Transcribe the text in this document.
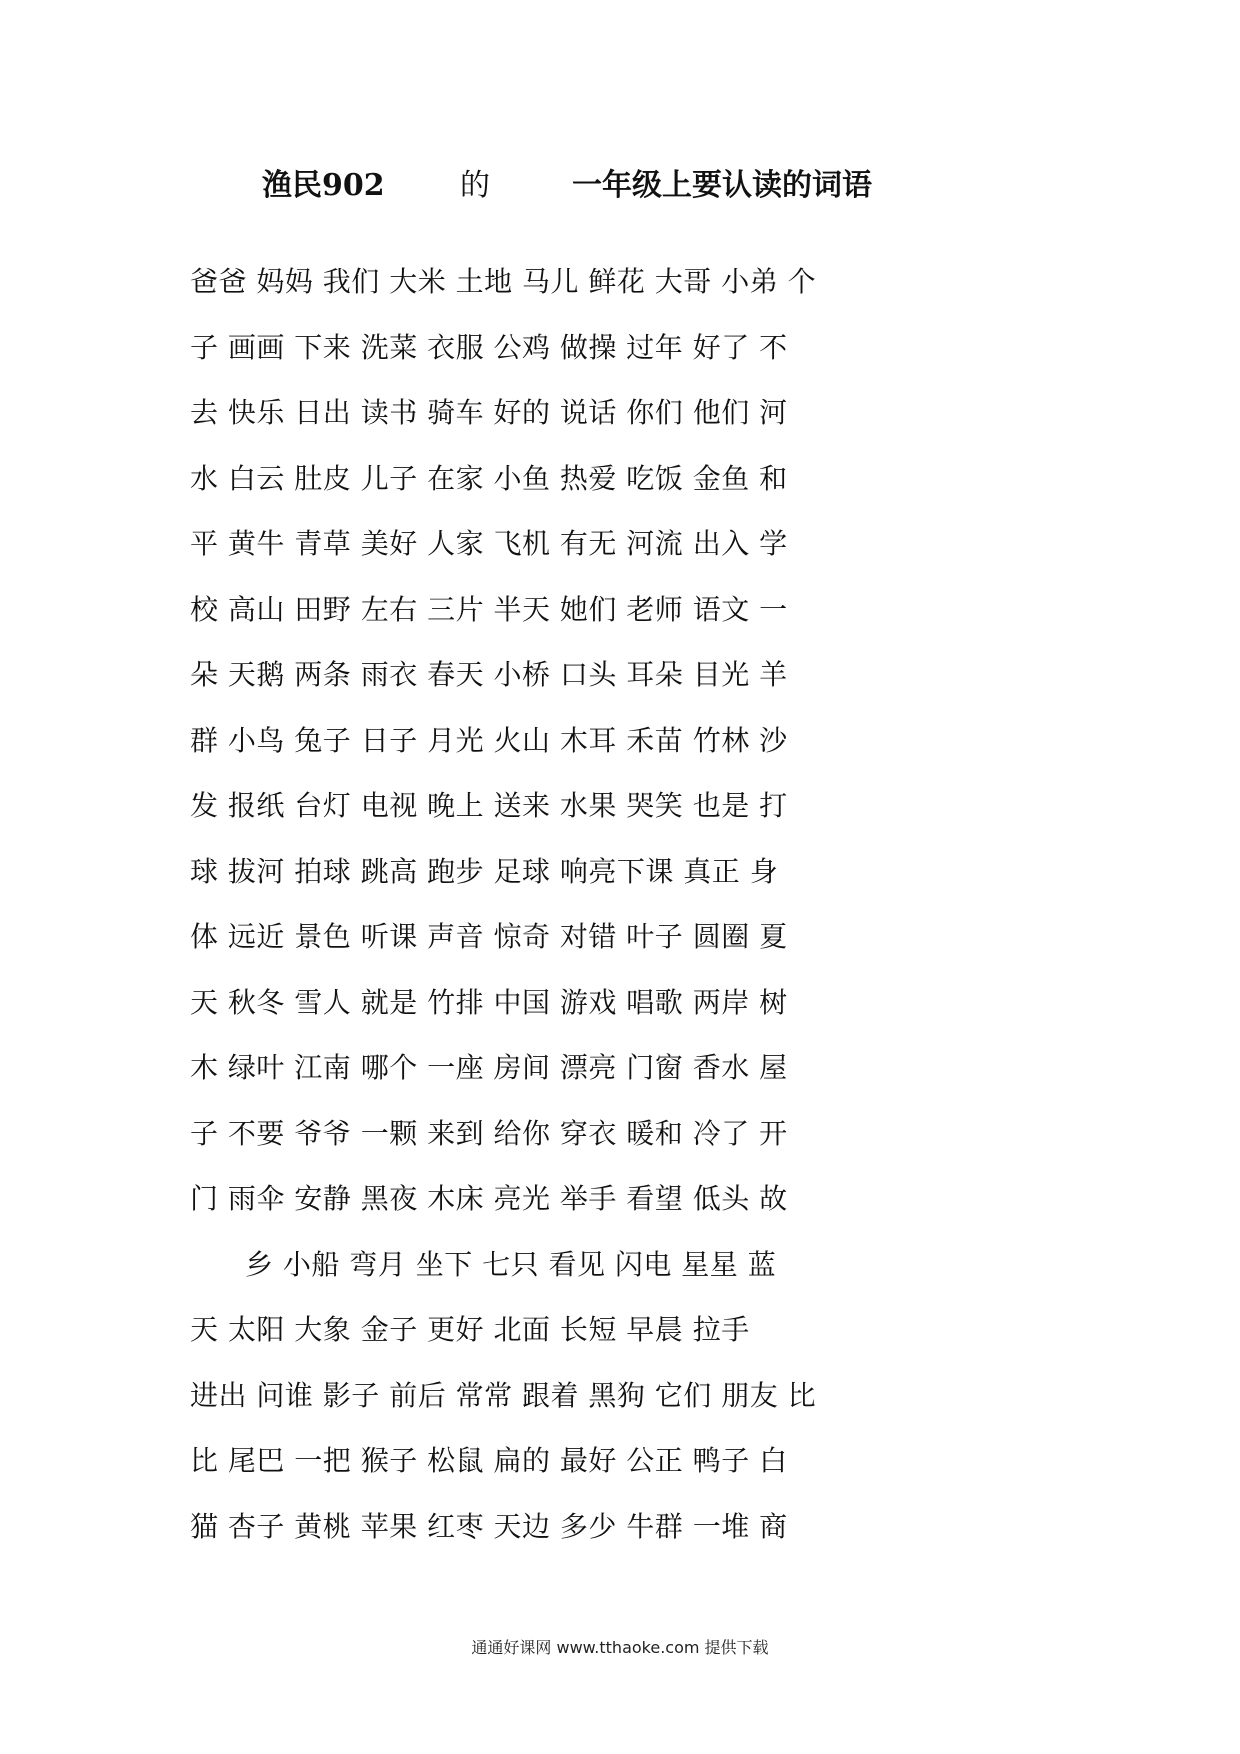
渔民902	的	一年级上要认读的词语
爸爸 妈妈 我们 大米 土地 马儿 鲜花 大哥 小弟 个
子 画画 下来 洗菜 衣服 公鸡 做操 过年 好了 不
去 快乐 日出 读书 骑车 好的 说话 你们 他们 河
水 白云 肚皮 儿子 在家 小鱼 热爱 吃饭 金鱼 和
平 黄牛 青草 美好 人家 飞机 有无 河流 出入 学
校 高山 田野 左右 三片 半天 她们 老师 语文 一
朵 天鹅 两条 雨衣 春天 小桥 口头 耳朵 目光 羊
群 小鸟 兔子 日子 月光 火山 木耳 禾苗 竹林 沙
发 报纸 台灯 电视 晚上 送来 水果 哭笑 也是 打
球 拔河 拍球 跳高 跑步 足球 响亮下课 真正 身
体 远近 景色 听课 声音 惊奇 对错 叶子 圆圈 夏
天 秋冬 雪人 就是 竹排 中国 游戏 唱歌 两岸 树
木 绿叶 江南 哪个 一座 房间 漂亮 门窗 香水 屋
子 不要 爷爷 一颗 来到 给你 穿衣 暖和 冷了 开
门 雨伞 安静 黑夜 木床 亮光 举手 看望 低头 故
乡 小船 弯月 坐下 七只 看见 闪电 星星 蓝
天 太阳 大象 金子 更好 北面 长短 早晨 拉手
进出 问谁 影子 前后 常常 跟着 黑狗 它们 朋友 比
比 尾巴 一把 猴子 松鼠 扁的 最好 公正 鸭子 白
猫 杏子 黄桃 苹果 红枣 天边 多少 牛群 一堆 商
通通好课网 www.tthaoke.com 提供下载
